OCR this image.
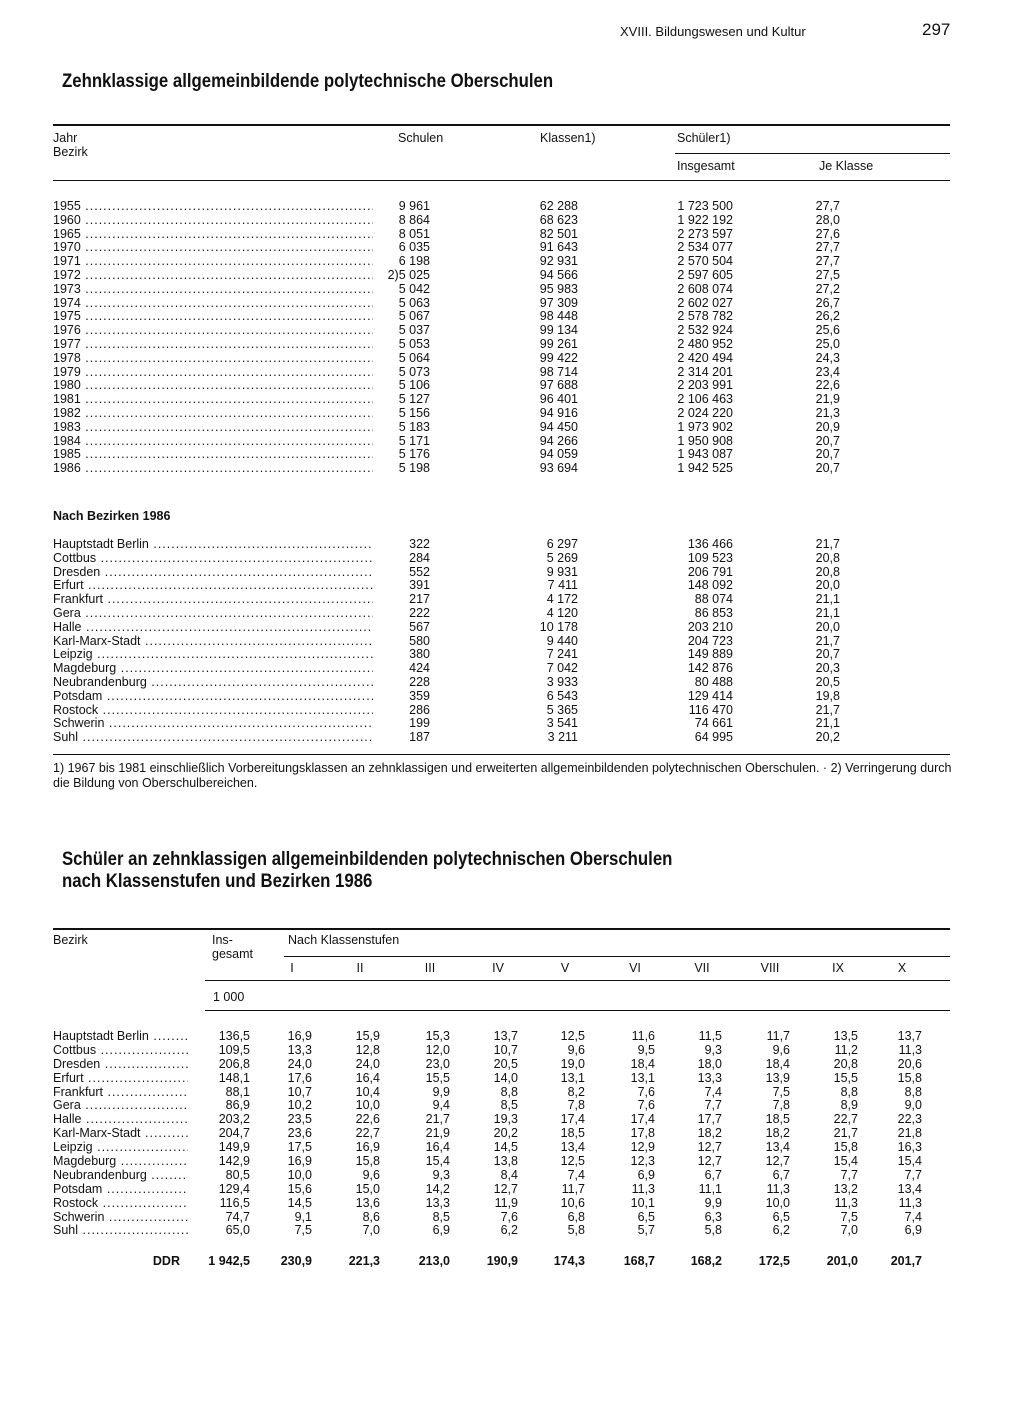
XVIII. Bildungswesen und Kultur	297
Zehnklassige allgemeinbildende polytechnische Oberschulen
Jahr
Bezirk
Schulen	Klassen1)	Schüler1)
Insgesamt	Je Klasse
1955 .....	9 961	62 288	1 723 500	27,7
1960 .....	8 864	68 623	1 922 192	28,0
1965 .....	8 051	82 501	2 273 597	27,6
1970 .....	6 035	91 643	2 534 077	27,7
1971 .....	6 198	92 931	2 570 504	27,7
1972 .....	2)5 025	94 566	2 597 605	27,5
1973 .....	5 042	95 983	2 608 074	27,2
1974 .....	5 063	97 309	2 602 027	26,7
1975 .....	5 067	98 448	2 578 782	26,2
1976 .....	5 037	99 134	2 532 924	25,6
1977 .....	5 053	99 261	2 480 952	25,0
1978 .....	5 064	99 422	2 420 494	24,3
1979 .....	5 073	98 714	2 314 201	23,4
1980 .....	5 106	97 688	2 203 991	22,6
1981 .....	5 127	96 401	2 106 463	21,9
1982 .....	5 156	94 916	2 024 220	21,3
1983 .....	5 183	94 450	1 973 902	20,9
1984 .....	5 171	94 266	1 950 908	20,7
1985 .....	5 176	94 059	1 943 087	20,7
1986 .....	5 198	93 694	1 942 525	20,7
Nach Bezirken 1986
Hauptstadt Berlin .....	322	6 297	136 466	21,7
Cottbus .....	284	5 269	109 523	20,8
Dresden .....	552	9 931	206 791	20,8
Erfurt .....	391	7 411	148 092	20,0
Frankfurt .....	217	4 172	88 074	21,1
Gera .....	222	4 120	86 853	21,1
Halle .....	567	10 178	203 210	20,0
Karl-Marx-Stadt .....	580	9 440	204 723	21,7
Leipzig .....	380	7 241	149 889	20,7
Magdeburg .....	424	7 042	142 876	20,3
Neubrandenburg .....	228	3 933	80 488	20,5
Potsdam .....	359	6 543	129 414	19,8
Rostock .....	286	5 365	116 470	21,7
Schwerin .....	199	3 541	74 661	21,1
Suhl .....	187	3 211	64 995	20,2
1) 1967 bis 1981 einschließlich Vorbereitungsklassen an zehnklassigen und erweiterten allgemeinbildenden polytechnischen Oberschulen. · 2) Verringerung durch die Bildung von Oberschulbereichen.
Schüler an zehnklassigen allgemeinbildenden polytechnischen Oberschulen
nach Klassenstufen und Bezirken 1986
Bezirk	Ins-
gesamt
Nach Klassenstufen
I	II	III	IV	V	VI	VII	VIII	IX	X
1 000
Hauptstadt Berlin .....	136,5	16,9	15,9	15,3	13,7	12,5	11,6	11,5	11,7	13,5	13,7
Cottbus .....	109,5	13,3	12,8	12,0	10,7	9,6	9,5	9,3	9,6	11,2	11,3
Dresden .....	206,8	24,0	24,0	23,0	20,5	19,0	18,4	18,0	18,4	20,8	20,6
Erfurt .....	148,1	17,6	16,4	15,5	14,0	13,1	13,1	13,3	13,9	15,5	15,8
Frankfurt .....	88,1	10,7	10,4	9,9	8,8	8,2	7,6	7,4	7,5	8,8	8,8
Gera .....	86,9	10,2	10,0	9,4	8,5	7,8	7,6	7,7	7,8	8,9	9,0
Halle .....	203,2	23,5	22,6	21,7	19,3	17,4	17,4	17,7	18,5	22,7	22,3
Karl-Marx-Stadt .....	204,7	23,6	22,7	21,9	20,2	18,5	17,8	18,2	18,2	21,7	21,8
Leipzig .....	149,9	17,5	16,9	16,4	14,5	13,4	12,9	12,7	13,4	15,8	16,3
Magdeburg .....	142,9	16,9	15,8	15,4	13,8	12,5	12,3	12,7	12,7	15,4	15,4
Neubrandenburg .....	80,5	10,0	9,6	9,3	8,4	7,4	6,9	6,7	6,7	7,7	7,7
Potsdam .....	129,4	15,6	15,0	14,2	12,7	11,7	11,3	11,1	11,3	13,2	13,4
Rostock .....	116,5	14,5	13,6	13,3	11,9	10,6	10,1	9,9	10,0	11,3	11,3
Schwerin .....	74,7	9,1	8,6	8,5	7,6	6,8	6,5	6,3	6,5	7,5	7,4
Suhl .....	65,0	7,5	7,0	6,9	6,2	5,8	5,7	5,8	6,2	7,0	6,9
DDR	1 942,5	230,9	221,3	213,0	190,9	174,3	168,7	168,2	172,5	201,0	201,7
